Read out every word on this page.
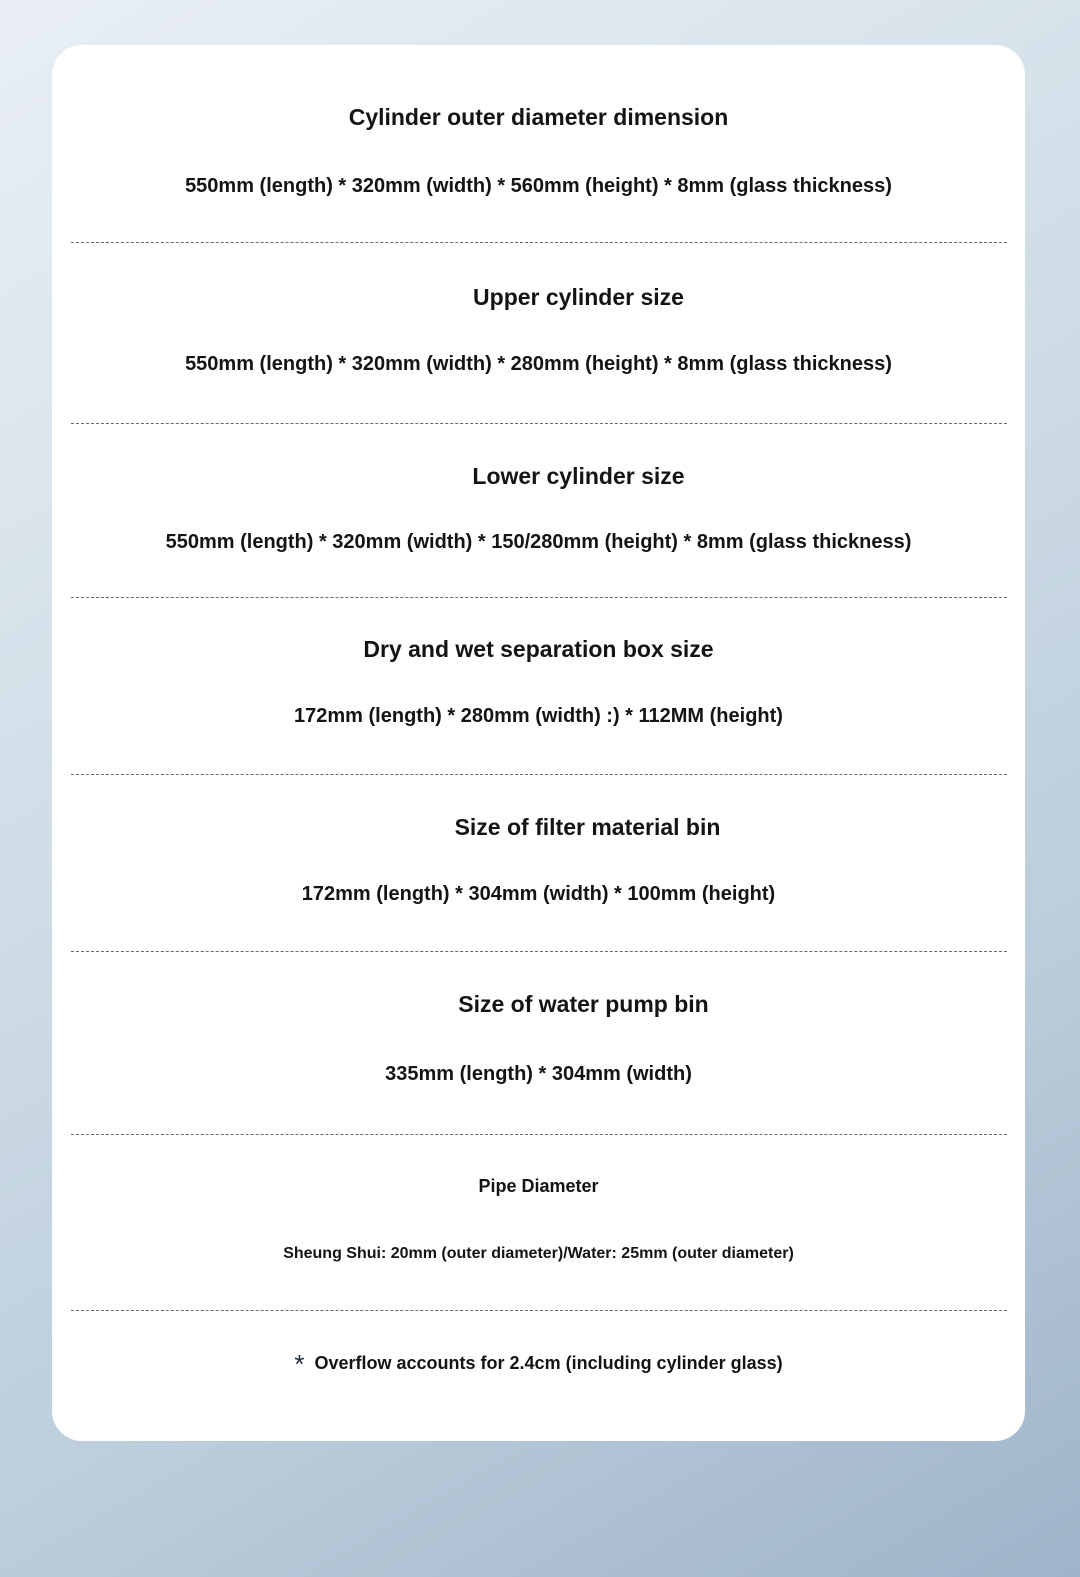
Cylinder outer diameter dimension
550mm (length) * 320mm (width) * 560mm (height) * 8mm (glass thickness)
Upper cylinder size
550mm (length) * 320mm (width) * 280mm (height) * 8mm (glass thickness)
Lower cylinder size
550mm (length) * 320mm (width) * 150/280mm (height) * 8mm (glass thickness)
Dry and wet separation box size
172mm (length) * 280mm (width) :) * 112MM (height)
Size of filter material bin
172mm (length) * 304mm (width) * 100mm (height)
Size of water pump bin
335mm (length) * 304mm (width)
Pipe Diameter
Sheung Shui: 20mm (outer diameter)/Water: 25mm (outer diameter)
* Overflow accounts for 2.4cm (including cylinder glass)
